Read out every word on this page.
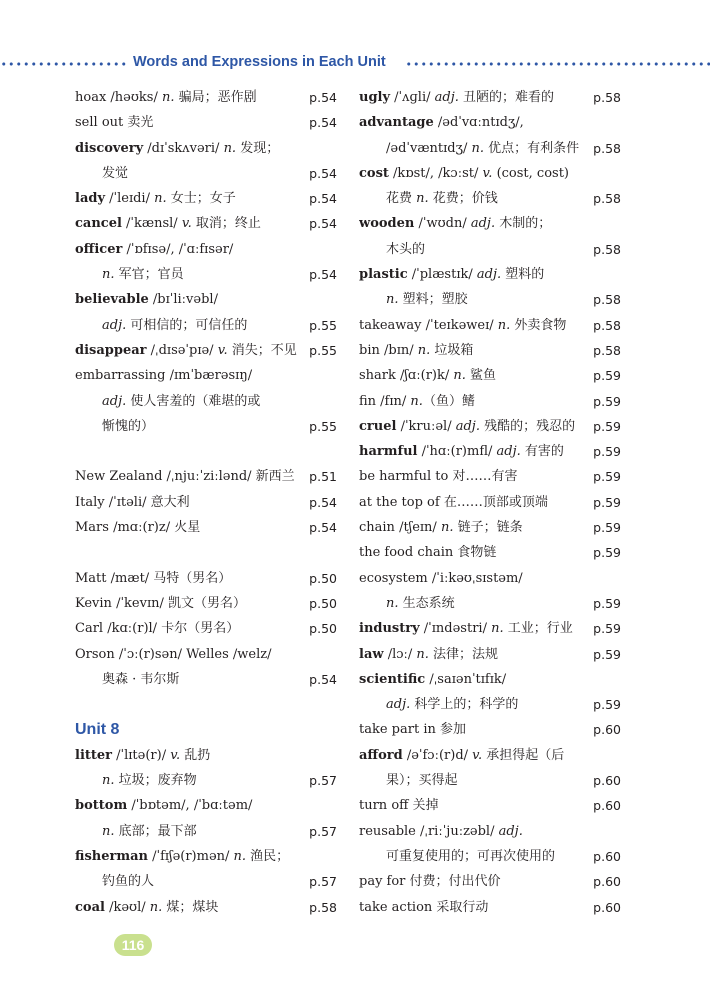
Words and Expressions in Each Unit
hoax /həʊks/ n. 骗局；恶作剧	p.54
sell out 卖光	p.54
discovery /dɪˈskʌvəri/ n. 发现；
发觉	p.54
lady /ˈleɪdi/ n. 女士；女子	p.54
cancel /ˈkænsl/ v. 取消；终止	p.54
officer /ˈɒfɪsə/, /ˈɑːfɪsər/
n. 军官；官员	p.54
believable /bɪˈliːvəbl/
adj. 可相信的；可信任的	p.55
disappear /ˌdɪsəˈpɪə/ v. 消失；不见 p.55
embarrassing /ɪmˈbærəsɪŋ/
adj. 使人害羞的（难堪的或
惭愧的）	p.55
New Zealand /ˌnjuːˈziːlənd/ 新西兰	p.51
Italy /ˈɪtəli/ 意大利	p.54
Mars /mɑː(r)z/ 火星	p.54
Matt /mæt/ 马特（男名）	p.50
Kevin /ˈkevɪn/ 凯文（男名）	p.50
Carl /kɑː(r)l/ 卡尔（男名）	p.50
Orson /ˈɔː(r)sən/ Welles /welz/
奥森 · 韦尔斯	p.54
Unit 8
litter /ˈlɪtə(r)/ v. 乱扔
n. 垃圾；废弃物	p.57
bottom /ˈbɒtəm/, /ˈbɑːtəm/
n. 底部；最下部	p.57
fisherman /ˈfɪʃə(r)mən/ n. 渔民；
钓鱼的人	p.57
coal /kəʊl/ n. 煤；煤块	p.58
ugly /ˈʌɡli/ adj. 丑陋的；难看的	p.58
advantage /ədˈvɑːntɪdʒ/,
/ədˈvæntɪdʒ/ n. 优点；有利条件	p.58
cost /kɒst/, /kɔːst/ v. (cost, cost)
花费 n. 花费；价钱	p.58
wooden /ˈwʊdn/ adj. 木制的；
木头的	p.58
plastic /ˈplæstɪk/ adj. 塑料的
n. 塑料；塑胶	p.58
takeaway /ˈteɪkəweɪ/ n. 外卖食物	p.58
bin /bɪn/ n. 垃圾箱	p.58
shark /ʃɑː(r)k/ n. 鲨鱼	p.59
fin /fɪn/ n.（鱼）鳍	p.59
cruel /ˈkruːəl/ adj. 残酷的；残忍的	p.59
harmful /ˈhɑː(r)mfl/ adj. 有害的	p.59
be harmful to 对……有害	p.59
at the top of 在……顶部或顶端	p.59
chain /tʃeɪn/ n. 链子；链条	p.59
the food chain 食物链	p.59
ecosystem /ˈiːkəʊˌsɪstəm/
n. 生态系统	p.59
industry /ˈɪndəstri/ n. 工业；行业	p.59
law /lɔː/ n. 法律；法规	p.59
scientific /ˌsaɪənˈtɪfɪk/
adj. 科学上的；科学的	p.59
take part in 参加	p.60
afford /əˈfɔː(r)d/ v. 承担得起（后
果）；买得起	p.60
turn off 关掉	p.60
reusable /ˌriːˈjuːzəbl/ adj.
可重复使用的；可再次使用的	p.60
pay for 付费；付出代价	p.60
take action 采取行动	p.60
116
